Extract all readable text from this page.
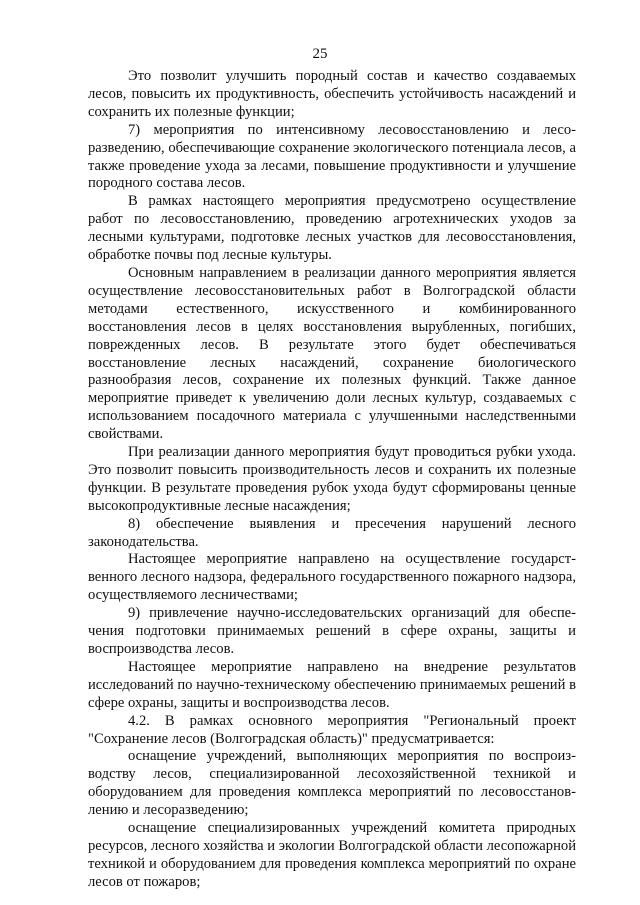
25

Это позволит улучшить породный состав и качество создаваемых лесов, повысить их продуктивность, обеспечить устойчивость насаждений и сохранить их полезные функции;

7) мероприятия по интенсивному лесовосстановлению и лесоразведению, обеспечивающие сохранение экологического потенциала лесов, а также проведение ухода за лесами, повышение продуктивности и улучшение породного состава лесов.

В рамках настоящего мероприятия предусмотрено осуществление работ по лесовосстановлению, проведению агротехнических уходов за лесными культурами, подготовке лесных участков для лесовосстановления, обработке почвы под лесные культуры.

Основным направлением в реализации данного мероприятия является осуществление лесовосстановительных работ в Волгоградской области методами естественного, искусственного и комбинированного восстановления лесов в целях восстановления вырубленных, погибших, поврежденных лесов. В результате этого будет обеспечиваться восстановление лесных насаждений, сохранение биологического разнообразия лесов, сохранение их полезных функций. Также данное мероприятие приведет к увеличению доли лесных культур, создаваемых с использованием посадочного материала с улучшенными наследственными свойствами.

При реализации данного мероприятия будут проводиться рубки ухода. Это позволит повысить производительность лесов и сохранить их полезные функции. В результате проведения рубок ухода будут сформированы ценные высокопродуктивные лесные насаждения;

8) обеспечение выявления и пресечения нарушений лесного законодательства.

Настоящее мероприятие направлено на осуществление государственного лесного надзора, федерального государственного пожарного надзора, осуществляемого лесничествами;

9) привлечение научно-исследовательских организаций для обеспечения подготовки принимаемых решений в сфере охраны, защиты и воспроизводства лесов.

Настоящее мероприятие направлено на внедрение результатов исследований по научно-техническому обеспечению принимаемых решений в сфере охраны, защиты и воспроизводства лесов.

4.2. В рамках основного мероприятия "Региональный проект "Сохранение лесов (Волгоградская область)" предусматривается:

оснащение учреждений, выполняющих мероприятия по воспроизводству лесов, специализированной лесохозяйственной техникой и оборудованием для проведения комплекса мероприятий по лесовосстановлению и лесоразведению;

оснащение специализированных учреждений комитета природных ресурсов, лесного хозяйства и экологии Волгоградской области лесопожарной техникой и оборудованием для проведения комплекса мероприятий по охране лесов от пожаров;
